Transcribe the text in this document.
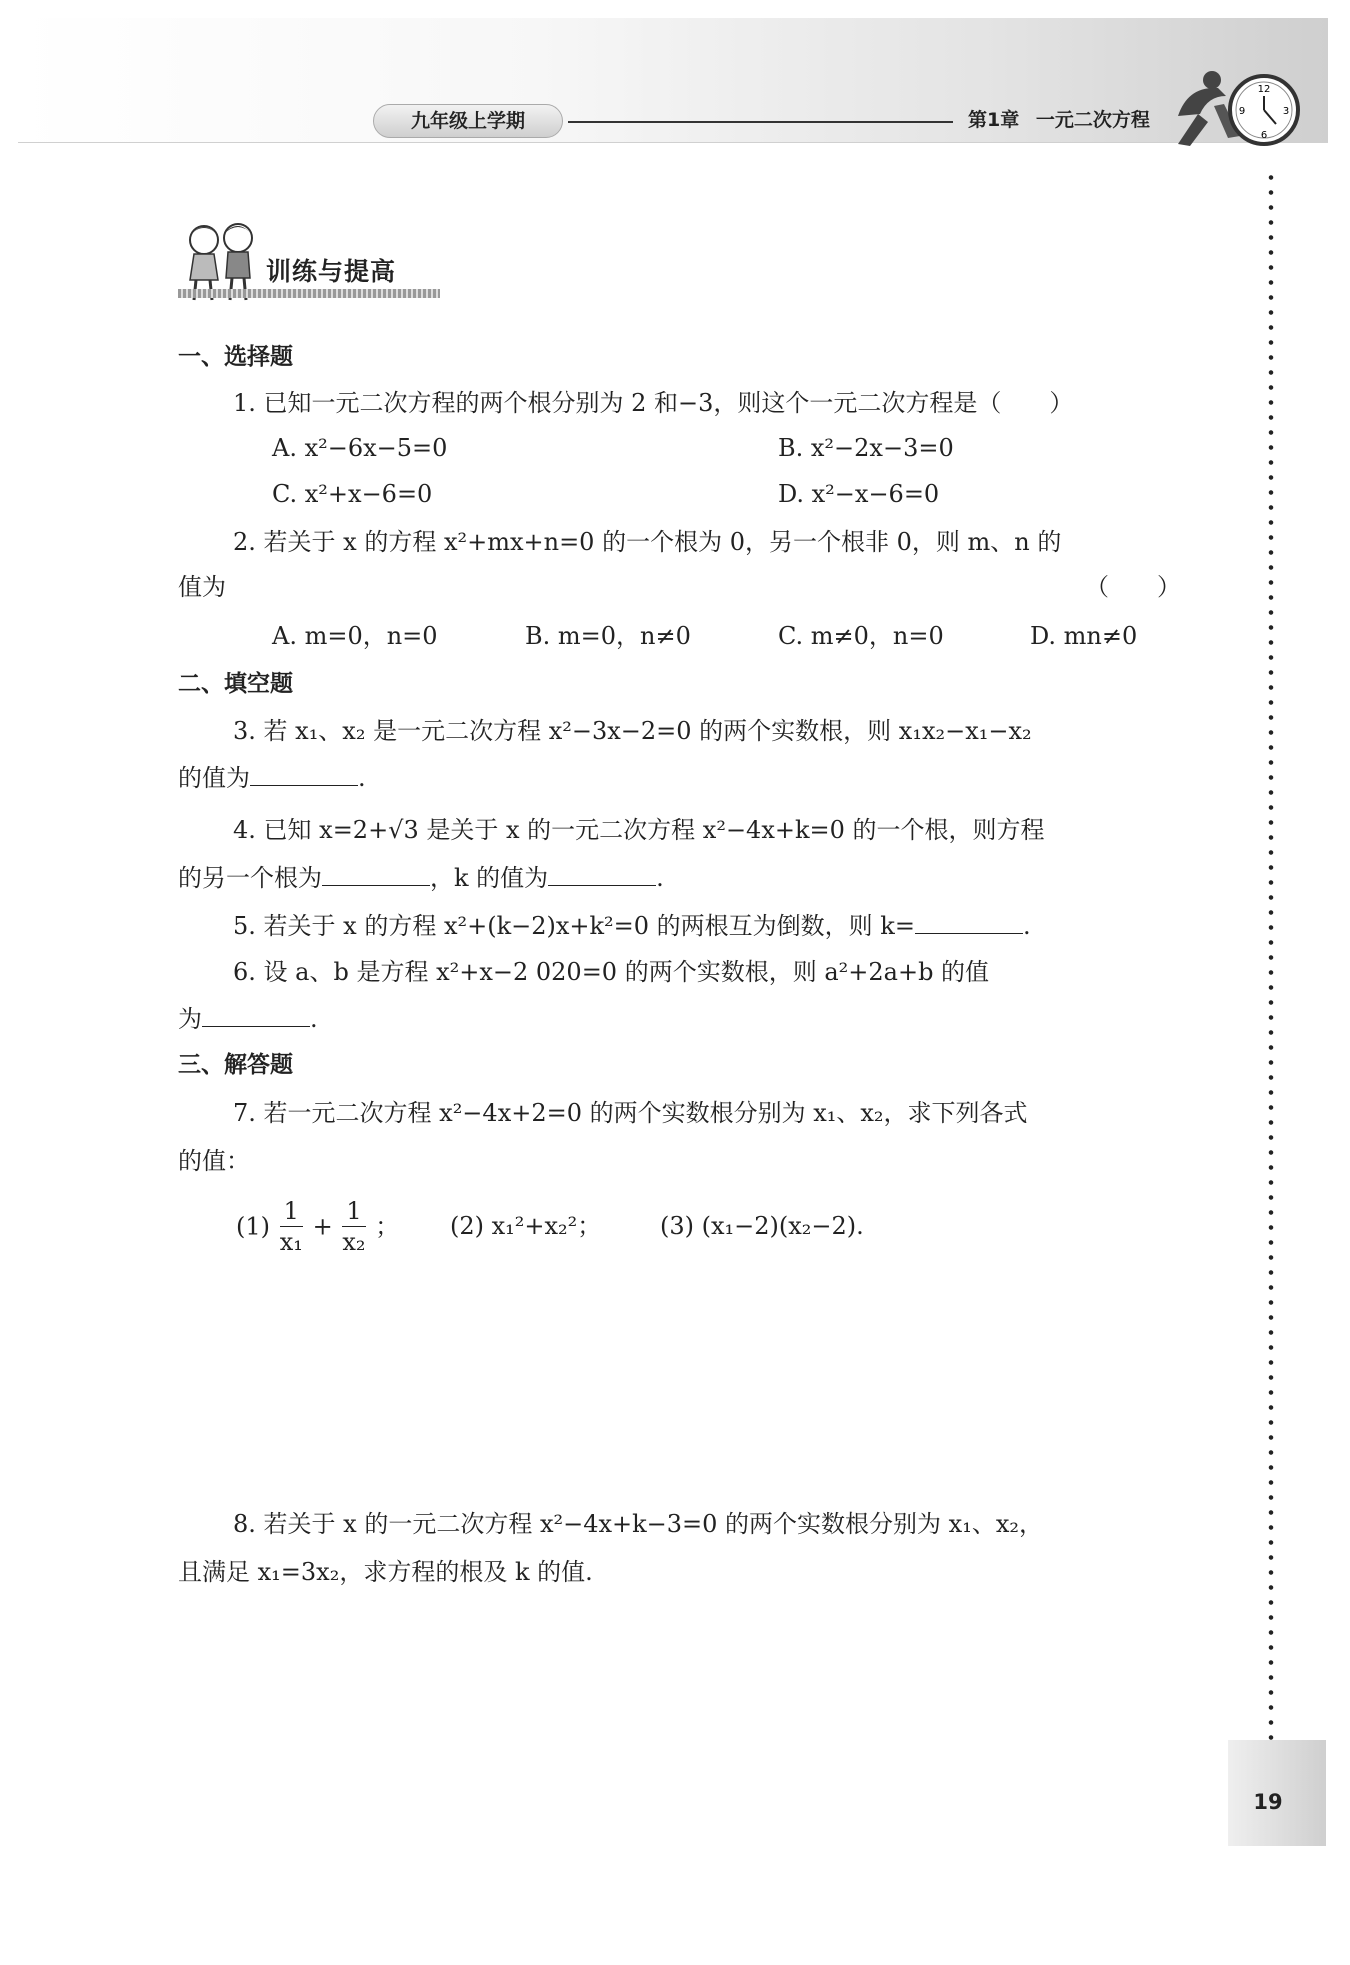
九年级上学期	第1章 一元二次方程
12
3
6
9
19
训练与提高
一、选择题
1. 已知一元二次方程的两个根分别为 2 和−3，则这个一元二次方程是（　　）
A. x²−6x−5=0	B. x²−2x−3=0
C. x²+x−6=0	D. x²−x−6=0
2. 若关于 x 的方程 x²+mx+n=0 的一个根为 0，另一个根非 0，则 m、n 的
值为	（　　）
A. m=0，n=0	B. m=0，n≠0	C. m≠0，n=0	D. mn≠0
二、填空题
3. 若 x₁、x₂ 是一元二次方程 x²−3x−2=0 的两个实数根，则 x₁x₂−x₁−x₂
的值为	.
4. 已知 x=2+√3 是关于 x 的一元二次方程 x²−4x+k=0 的一个根，则方程
的另一个根为	，k 的值为	.
5. 若关于 x 的方程 x²+(k−2)x+k²=0 的两根互为倒数，则 k=	.
6. 设 a、b 是方程 x²+x−2 020=0 的两个实数根，则 a²+2a+b 的值
为	.
三、解答题
7. 若一元二次方程 x²−4x+2=0 的两个实数根分别为 x₁、x₂，求下列各式
的值：
$(1) \frac{1}{\text{x₁}} + \frac{1}{\text{x₂}}$ ； (2) x₁²+x₂²； (3) (x₁−2)(x₂−2).
8. 若关于 x 的一元二次方程 x²−4x+k−3=0 的两个实数根分别为 x₁、x₂，
且满足 x₁=3x₂，求方程的根及 k 的值.
